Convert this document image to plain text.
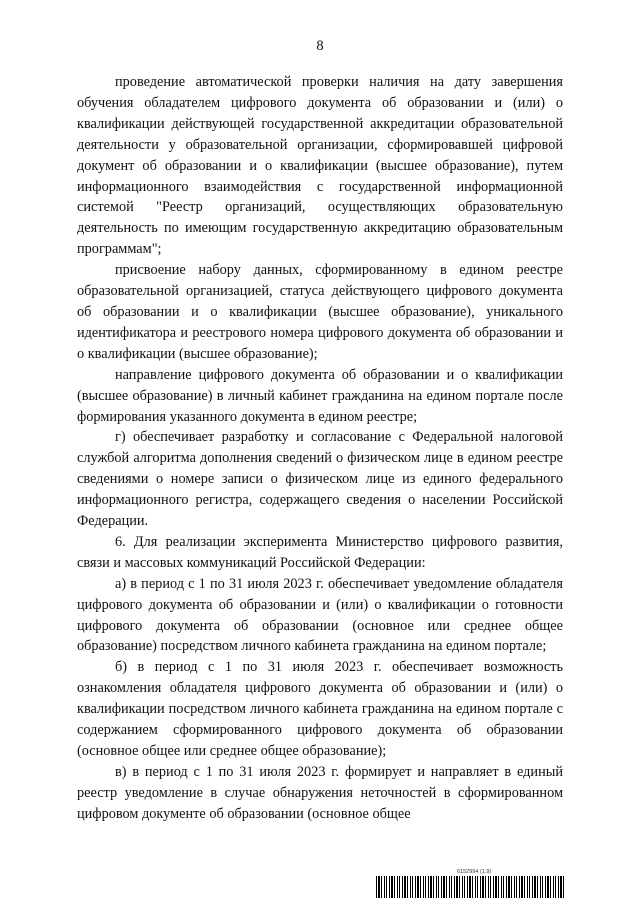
8

проведение автоматической проверки наличия на дату завершения обучения обладателем цифрового документа об образовании и (или) о квалификации действующей государственной аккредитации образовательной деятельности у образовательной организации, сформировавшей цифровой документ об образовании и о квалификации (высшее образование), путем информационного взаимодействия с государственной информационной системой "Реестр организаций, осуществляющих образовательную деятельность по имеющим государственную аккредитацию образовательным программам";

присвоение набору данных, сформированному в едином реестре образовательной организацией, статуса действующего цифрового документа об образовании и о квалификации (высшее образование), уникального идентификатора и реестрового номера цифрового документа об образовании и о квалификации (высшее образование);

направление цифрового документа об образовании и о квалификации (высшее образование) в личный кабинет гражданина на едином портале после формирования указанного документа в едином реестре;

г) обеспечивает разработку и согласование с Федеральной налоговой службой алгоритма дополнения сведений о физическом лице в едином реестре сведениями о номере записи о физическом лице из единого федерального информационного регистра, содержащего сведения о населении Российской Федерации.

6. Для реализации эксперимента Министерство цифрового развития, связи и массовых коммуникаций Российской Федерации:

а) в период с 1 по 31 июля 2023 г. обеспечивает уведомление обладателя цифрового документа об образовании и (или) о квалификации о готовности цифрового документа об образовании (основное или среднее общее образование) посредством личного кабинета гражданина на едином портале;

б) в период с 1 по 31 июля 2023 г. обеспечивает возможность ознакомления обладателя цифрового документа об образовании и (или) о квалификации посредством личного кабинета гражданина на едином портале с содержанием сформированного цифрового документа об образовании (основное общее или среднее общее образование);

в) в период с 1 по 31 июля 2023 г. формирует и направляет в единый реестр уведомление в случае обнаружения неточностей в сформированном цифровом документе об образовании (основное общее

6152994 (1.9)
